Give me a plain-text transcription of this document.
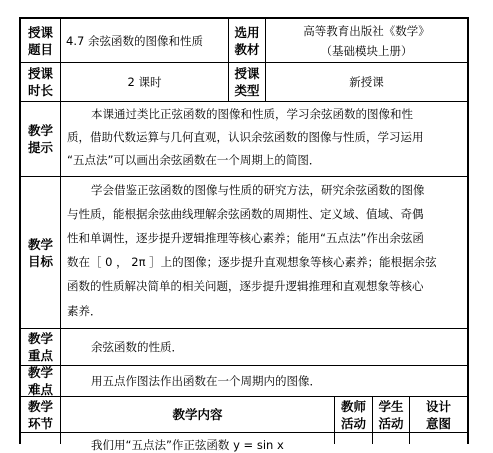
授课
题目
4.7 余弦函数的图像和性质
选用
教材
高等教育出版社《数学》
（基础模块上册）
授课
时长
2 课时
授课
类型
新授课
教学
提示
本课通过类比正弦函数的图像和性质，学习余弦函数的图像和性
质，借助代数运算与几何直观，认识余弦函数的图像与性质，学习运用
“五点法”可以画出余弦函数在一个周期上的简图．
教学
目标
学会借鉴正弦函数的图像与性质的研究方法，研究余弦函数的图像
与性质，能根据余弦曲线理解余弦函数的周期性、定义域、值域、奇偶
性和单调性，逐步提升逻辑推理等核心素养；能用“五点法”作出余弦函
数在［ 0 ， 2π ］上的图像；逐步提升直观想象等核心素养；能根据余弦
函数的性质解决简单的相关问题，逐步提升逻辑推理和直观想象等核心
素养．
教学
重点
余弦函数的性质．
教学
难点
用五点作图法作出函数在一个周期内的图像．
教学
环节
教学内容
教师
活动
学生
活动
设计
意图
我们用“五点法”作正弦函数 y = sin x
